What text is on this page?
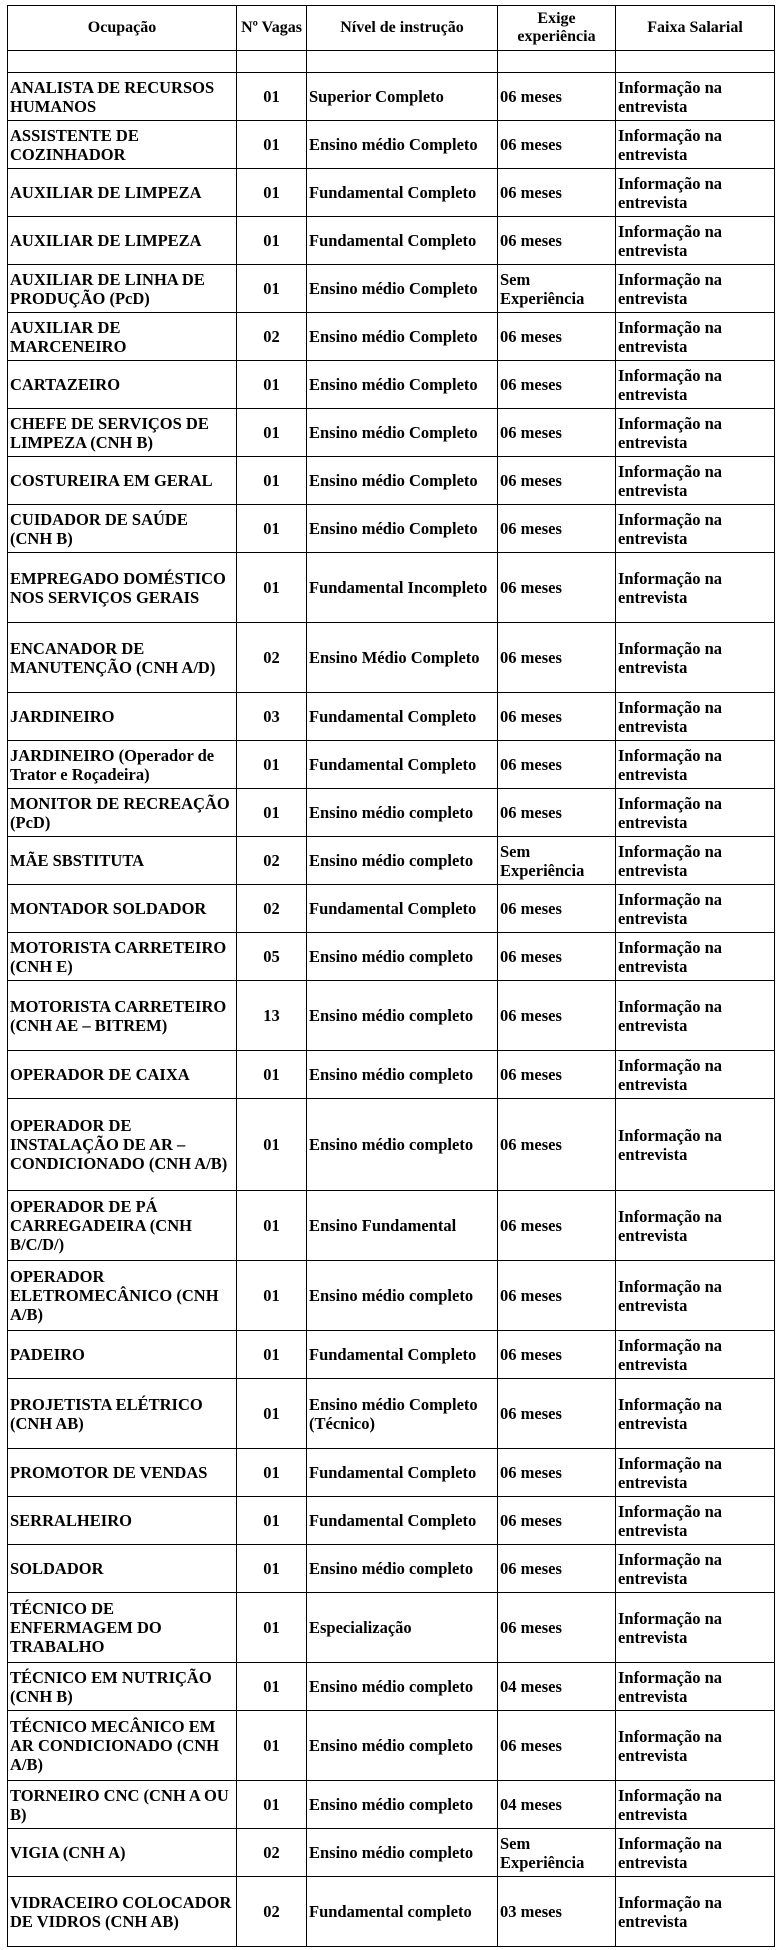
Ocupação	Nº Vagas	Nível de instrução	Exige experiência	Faixa Salarial

ANALISTA DE RECURSOS HUMANOS	01	Superior Completo	06 meses	Informação na entrevista
ASSISTENTE DE COZINHADOR	01	Ensino médio Completo	06 meses	Informação na entrevista
AUXILIAR DE LIMPEZA	01	Fundamental Completo	06 meses	Informação na entrevista
AUXILIAR DE LIMPEZA	01	Fundamental Completo	06 meses	Informação na entrevista
AUXILIAR DE LINHA DE PRODUÇÃO (PcD)	01	Ensino médio Completo	Sem Experiência	Informação na entrevista
AUXILIAR DE MARCENEIRO	02	Ensino médio Completo	06 meses	Informação na entrevista
CARTAZEIRO	01	Ensino médio Completo	06 meses	Informação na entrevista
CHEFE DE SERVIÇOS DE LIMPEZA (CNH B)	01	Ensino médio Completo	06 meses	Informação na entrevista
COSTUREIRA EM GERAL	01	Ensino médio Completo	06 meses	Informação na entrevista
CUIDADOR DE SAÚDE (CNH B)	01	Ensino médio Completo	06 meses	Informação na entrevista
EMPREGADO DOMÉSTICO NOS SERVIÇOS GERAIS	01	Fundamental Incompleto	06 meses	Informação na entrevista
ENCANADOR DE MANUTENÇÃO (CNH A/D)	02	Ensino Médio Completo	06 meses	Informação na entrevista
JARDINEIRO	03	Fundamental Completo	06 meses	Informação na entrevista
JARDINEIRO (Operador de Trator e Roçadeira)	01	Fundamental Completo	06 meses	Informação na entrevista
MONITOR DE RECREAÇÃO (PcD)	01	Ensino médio completo	06 meses	Informação na entrevista
MÃE SBSTITUTA	02	Ensino médio completo	Sem Experiência	Informação na entrevista
MONTADOR SOLDADOR	02	Fundamental Completo	06 meses	Informação na entrevista
MOTORISTA CARRETEIRO (CNH E)	05	Ensino médio completo	06 meses	Informação na entrevista
MOTORISTA CARRETEIRO (CNH AE – BITREM)	13	Ensino médio completo	06 meses	Informação na entrevista
OPERADOR DE CAIXA	01	Ensino médio completo	06 meses	Informação na entrevista
OPERADOR DE INSTALAÇÃO DE AR – CONDICIONADO (CNH A/B)	01	Ensino médio completo	06 meses	Informação na entrevista
OPERADOR DE PÁ CARREGADEIRA (CNH B/C/D/)	01	Ensino Fundamental	06 meses	Informação na entrevista
OPERADOR ELETROMECÂNICO (CNH A/B)	01	Ensino médio completo	06 meses	Informação na entrevista
PADEIRO	01	Fundamental Completo	06 meses	Informação na entrevista
PROJETISTA ELÉTRICO (CNH AB)	01	Ensino médio Completo (Técnico)	06 meses	Informação na entrevista
PROMOTOR DE VENDAS	01	Fundamental Completo	06 meses	Informação na entrevista
SERRALHEIRO	01	Fundamental Completo	06 meses	Informação na entrevista
SOLDADOR	01	Ensino médio completo	06 meses	Informação na entrevista
TÉCNICO DE ENFERMAGEM DO TRABALHO	01	Especialização	06 meses	Informação na entrevista
TÉCNICO EM NUTRIÇÃO (CNH B)	01	Ensino médio completo	04 meses	Informação na entrevista
TÉCNICO MECÂNICO EM AR CONDICIONADO (CNH A/B)	01	Ensino médio completo	06 meses	Informação na entrevista
TORNEIRO CNC (CNH A OU B)	01	Ensino médio completo	04 meses	Informação na entrevista
VIGIA (CNH A)	02	Ensino médio completo	Sem Experiência	Informação na entrevista
VIDRACEIRO COLOCADOR DE VIDROS (CNH AB)	02	Fundamental completo	03 meses	Informação na entrevista
